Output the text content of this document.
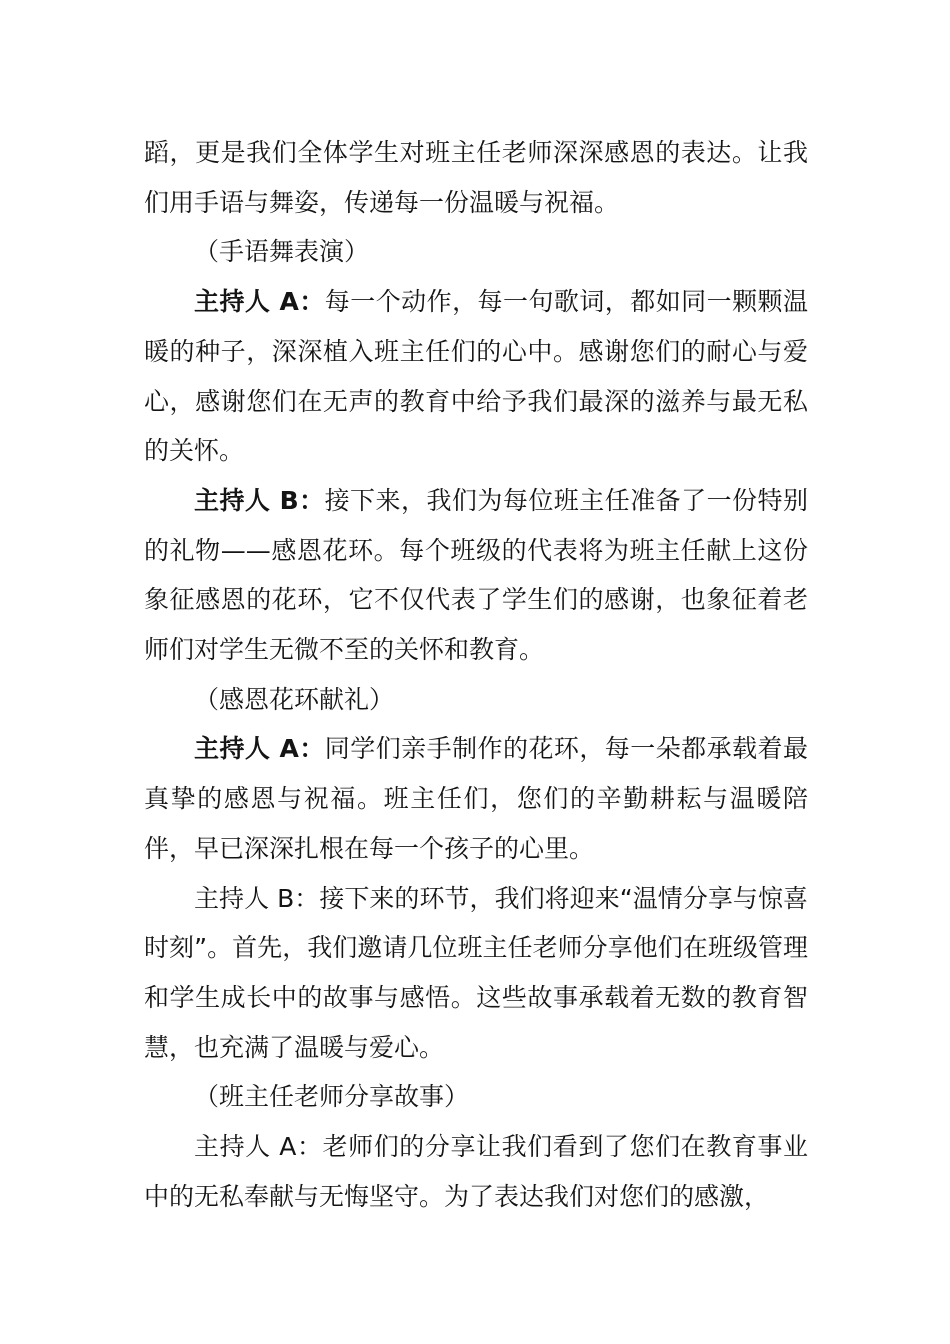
蹈，更是我们全体学生对班主任老师深深感恩的表达。让我们用手语与舞姿，传递每一份温暖与祝福。

（手语舞表演）

主持人 A：每一个动作，每一句歌词，都如同一颗颗温暖的种子，深深植入班主任们的心中。感谢您们的耐心与爱心，感谢您们在无声的教育中给予我们最深的滋养与最无私的关怀。

主持人 B：接下来，我们为每位班主任准备了一份特别的礼物——感恩花环。每个班级的代表将为班主任献上这份象征感恩的花环，它不仅代表了学生们的感谢，也象征着老师们对学生无微不至的关怀和教育。

（感恩花环献礼）

主持人 A：同学们亲手制作的花环，每一朵都承载着最真挚的感恩与祝福。班主任们，您们的辛勤耕耘与温暖陪伴，早已深深扎根在每一个孩子的心里。

主持人 B：接下来的环节，我们将迎来“温情分享与惊喜时刻”。首先，我们邀请几位班主任老师分享他们在班级管理和学生成长中的故事与感悟。这些故事承载着无数的教育智慧，也充满了温暖与爱心。

（班主任老师分享故事）

主持人 A：老师们的分享让我们看到了您们在教育事业中的无私奉献与无悔坚守。为了表达我们对您们的感激，
